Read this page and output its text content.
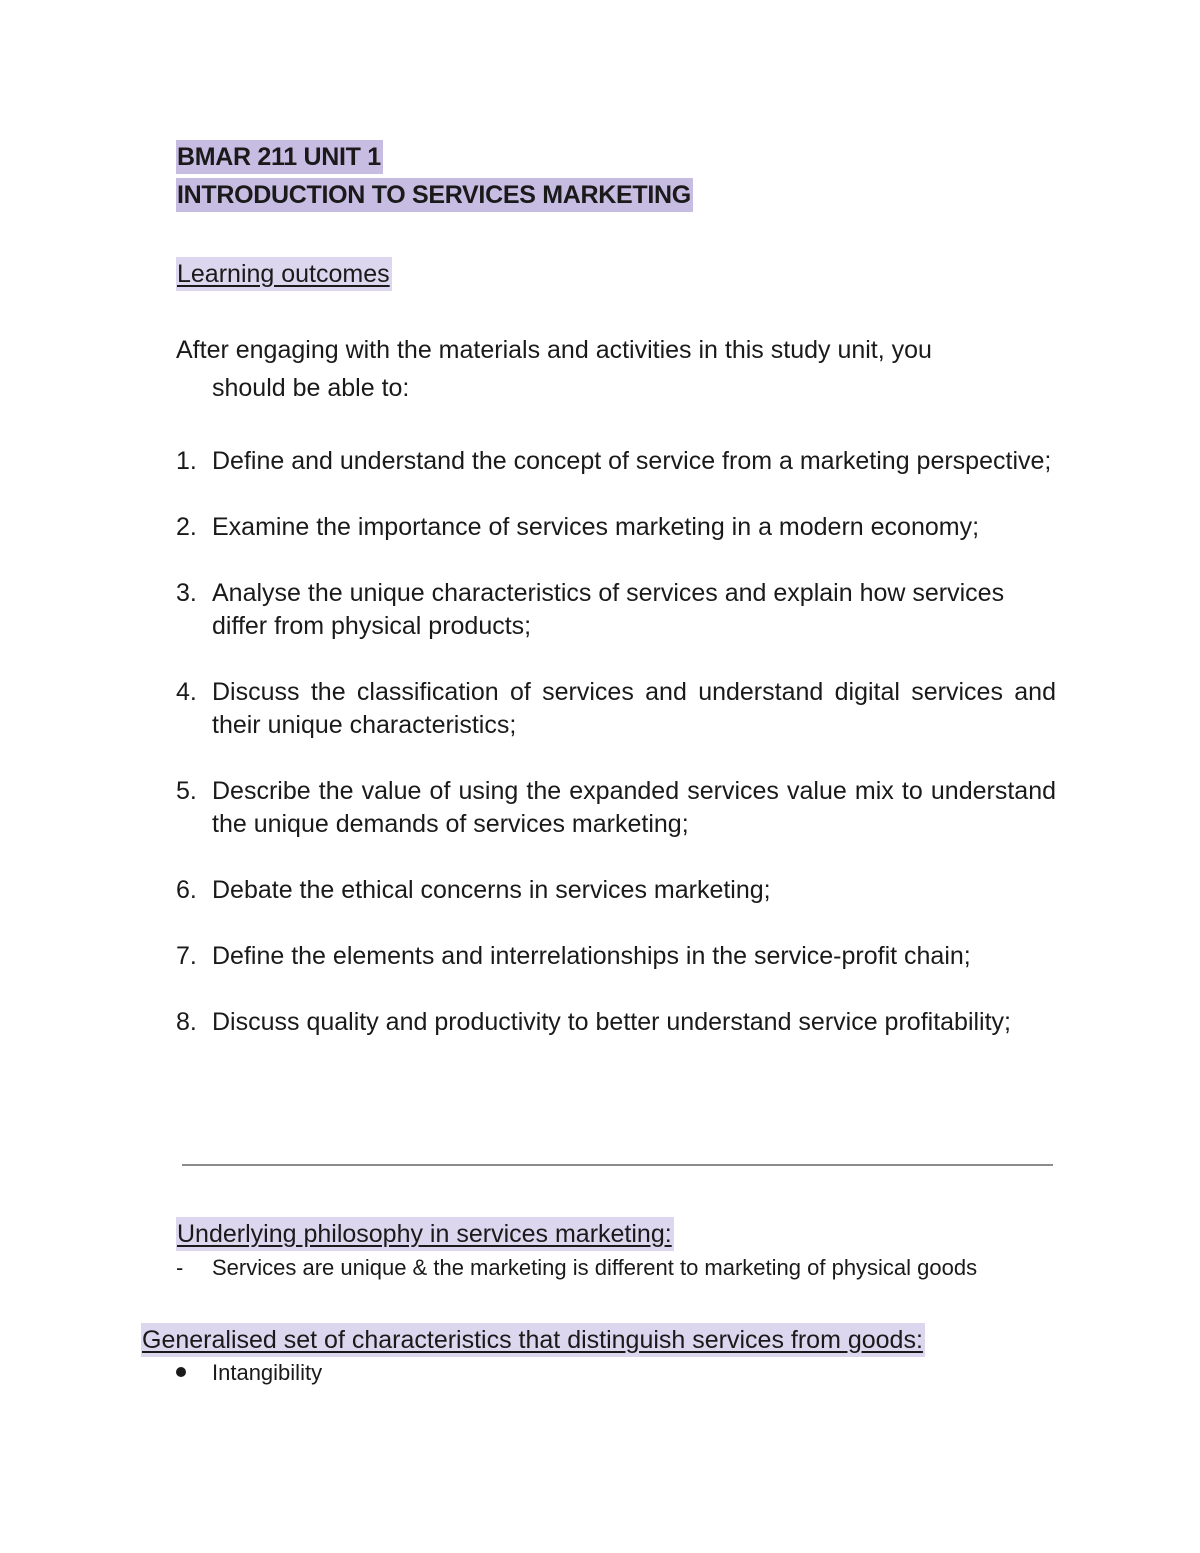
BMAR 211 UNIT 1
INTRODUCTION TO SERVICES MARKETING
Learning outcomes
After engaging with the materials and activities in this study unit, you
should be able to:
1. Define and understand the concept of service from a marketing perspective;
2. Examine the importance of services marketing in a modern economy;
3. Analyse the unique characteristics of services and explain how services differ from physical products;
4. Discuss the classification of services and understand digital services and their unique characteristics;
5. Describe the value of using the expanded services value mix to understand the unique demands of services marketing;
6. Debate the ethical concerns in services marketing;
7. Define the elements and interrelationships in the service-profit chain;
8. Discuss quality and productivity to better understand service profitability;
Underlying philosophy in services marketing:
- Services are unique & the marketing is different to marketing of physical goods
Generalised set of characteristics that distinguish services from goods:
Intangibility
